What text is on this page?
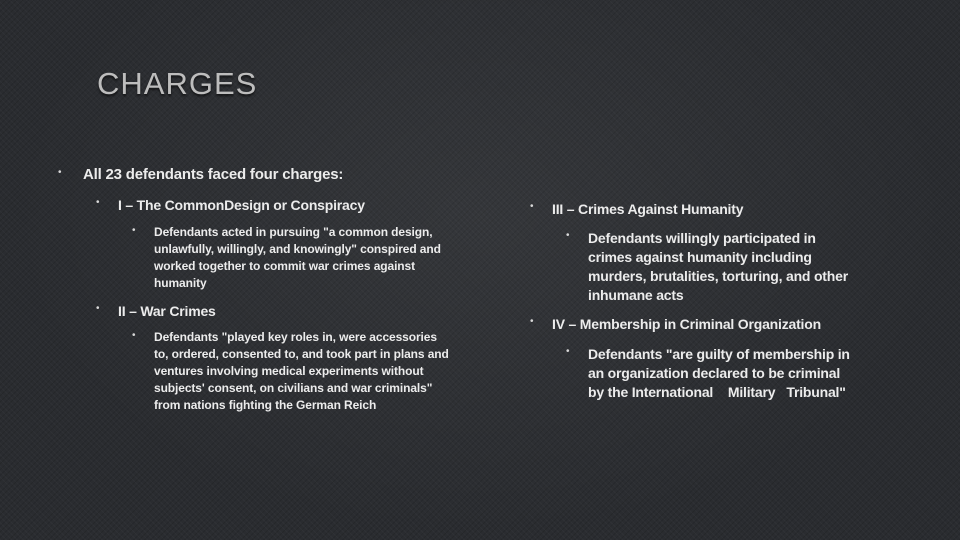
CHARGES
•	All 23 defendants faced four charges:
•	I – The CommonDesign or Conspiracy
•	Defendants acted in pursuing "a common design, unlawfully, willingly, and knowingly" conspired and worked together to commit war crimes against humanity
•	II – War Crimes
•	Defendants "played key roles in, were accessories to, ordered, consented to, and took part in plans and ventures involving medical experiments without subjects' consent, on civilians and war criminals" from nations fighting the German Reich
•	III – Crimes Against Humanity
•	Defendants willingly participated in crimes against humanity including murders, brutalities, torturing, and other inhumane acts
•	IV – Membership in Criminal Organization
•	Defendants "are guilty of membership in an organization declared to be criminal by the International    Military   Tribunal"
